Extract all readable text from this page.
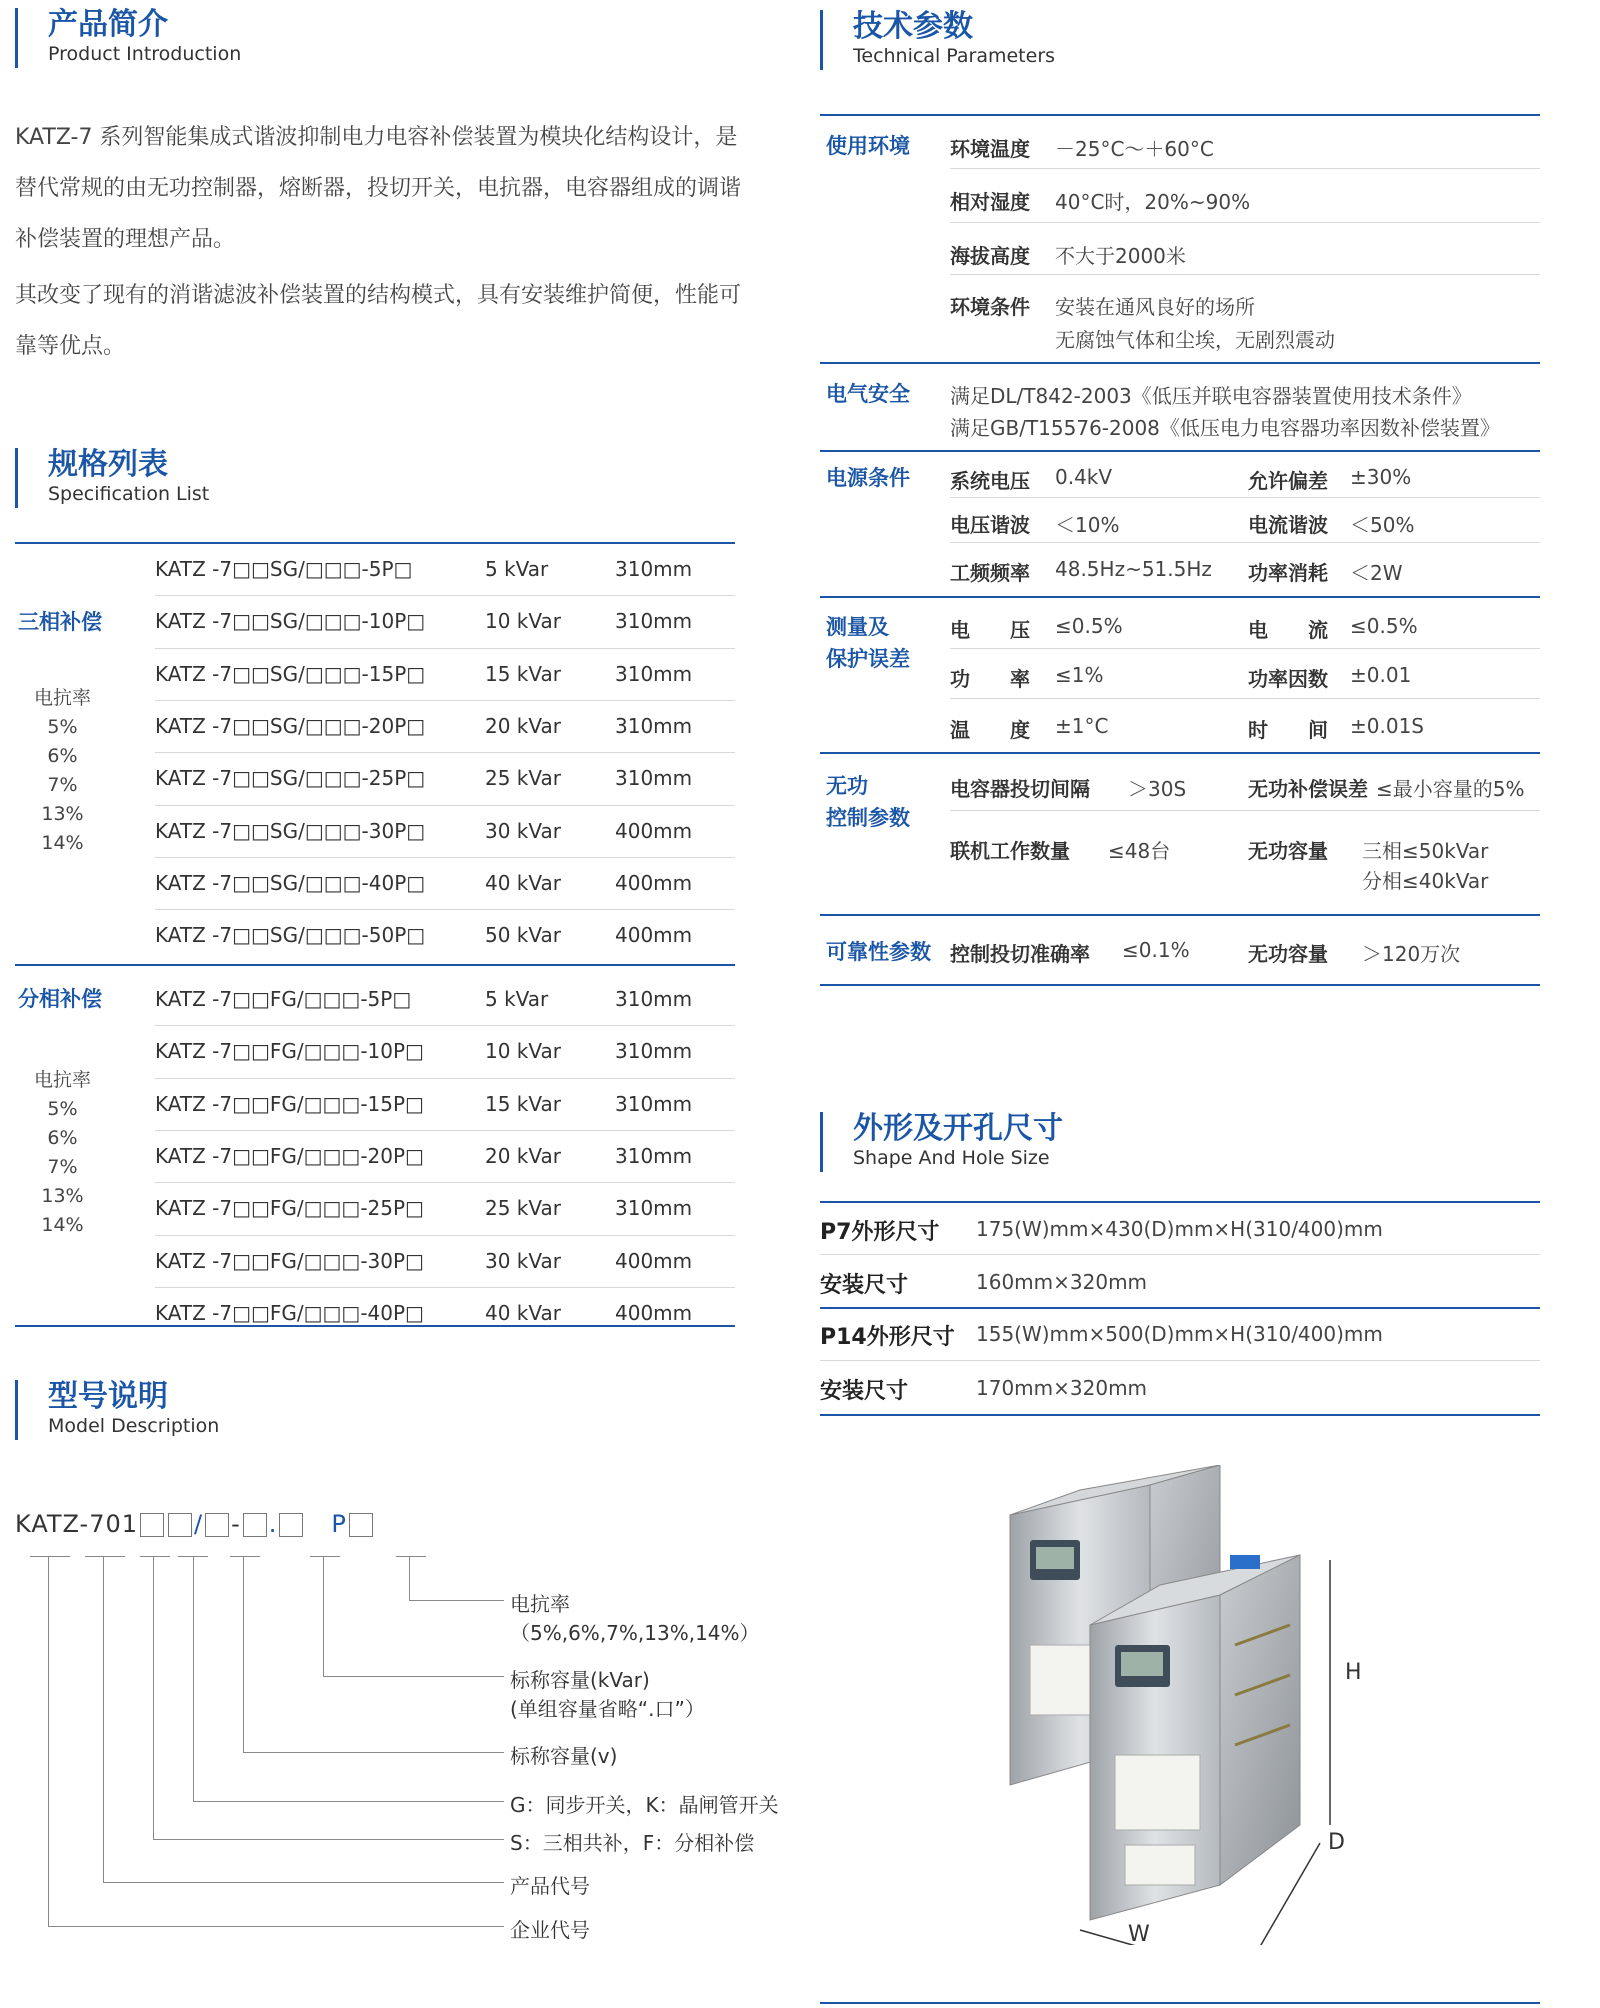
产品简介
Product Introduction

KATZ-7 系列智能集成式谐波抑制电力电容补偿装置为模块化结构设计，是替代常规的由无功控制器，熔断器，投切开关，电抗器，电容器组成的调谐补偿装置的理想产品。

其改变了现有的消谐滤波补偿装置的结构模式，具有安装维护简便，性能可靠等优点。

规格列表
Specification List
三相补偿
电抗率
5%
6%
7%
13%
14%
KATZ -7□□SG/□□□-5P□	5 kVar	310mm
KATZ -7□□SG/□□□-10P□	10 kVar	310mm
KATZ -7□□SG/□□□-15P□	15 kVar	310mm
KATZ -7□□SG/□□□-20P□	20 kVar	310mm
KATZ -7□□SG/□□□-25P□	25 kVar	310mm
KATZ -7□□SG/□□□-30P□	30 kVar	400mm
KATZ -7□□SG/□□□-40P□	40 kVar	400mm
KATZ -7□□SG/□□□-50P□	50 kVar	400mm
分相补偿
电抗率
5%
6%
7%
13%
14%
KATZ -7□□FG/□□□-5P□	5 kVar	310mm
KATZ -7□□FG/□□□-10P□	10 kVar	310mm
KATZ -7□□FG/□□□-15P□	15 kVar	310mm
KATZ -7□□FG/□□□-20P□	20 kVar	310mm
KATZ -7□□FG/□□□-25P□	25 kVar	310mm
KATZ -7□□FG/□□□-30P□	30 kVar	400mm
KATZ -7□□FG/□□□-40P□	40 kVar	400mm
型号说明
Model Description
KATZ-701 / - . P
电抗率
（5%,6%,7%,13%,14%）
标称容量(kVar)
(单组容量省略“.口”）
标称容量(v)
G：同步开关，K：晶闸管开关
S：三相共补，F：分相补偿
产品代号
企业代号
技术参数
Technical Parameters
使用环境 环境温度 －25°C～＋60°C
相对湿度 40°C时，20%~90%
海拔高度 不大于2000米
环境条件 安装在通风良好的场所
无腐蚀气体和尘埃，无剧烈震动
电气安全 满足DL/T842-2003《低压并联电容器装置使用技术条件》
满足GB/T15576-2008《低压电力电容器功率因数补偿装置》
电源条件 系统电压 0.4kV	允许偏差 ±30%
电压谐波 ＜10%	电流谐波 ＜50%
工频频率 48.5Hz~51.5Hz 功率消耗 ＜2W
测量及
保护误差
电　　压 ≤0.5%	电　　流 ≤0.5%
功　　率 ≤1%	功率因数 ±0.01
温　　度 ±1°C	时　　间 ±0.01S
无功
控制参数
电容器投切间隔 ＞30S	无功补偿误差 ≤最小容量的5%
联机工作数量 ≤48台	无功容量 三相≤50kVar
分相≤40kVar
可靠性参数 控制投切准确率 ≤0.1%	无功容量 ＞120万次
外形及开孔尺寸
Shape And Hole Size
P7外形尺寸 175(W)mm×430(D)mm×H(310/400)mm
安装尺寸	160mm×320mm
P14外形尺寸 155(W)mm×500(D)mm×H(310/400)mm
安装尺寸	170mm×320mm
H
D
W
